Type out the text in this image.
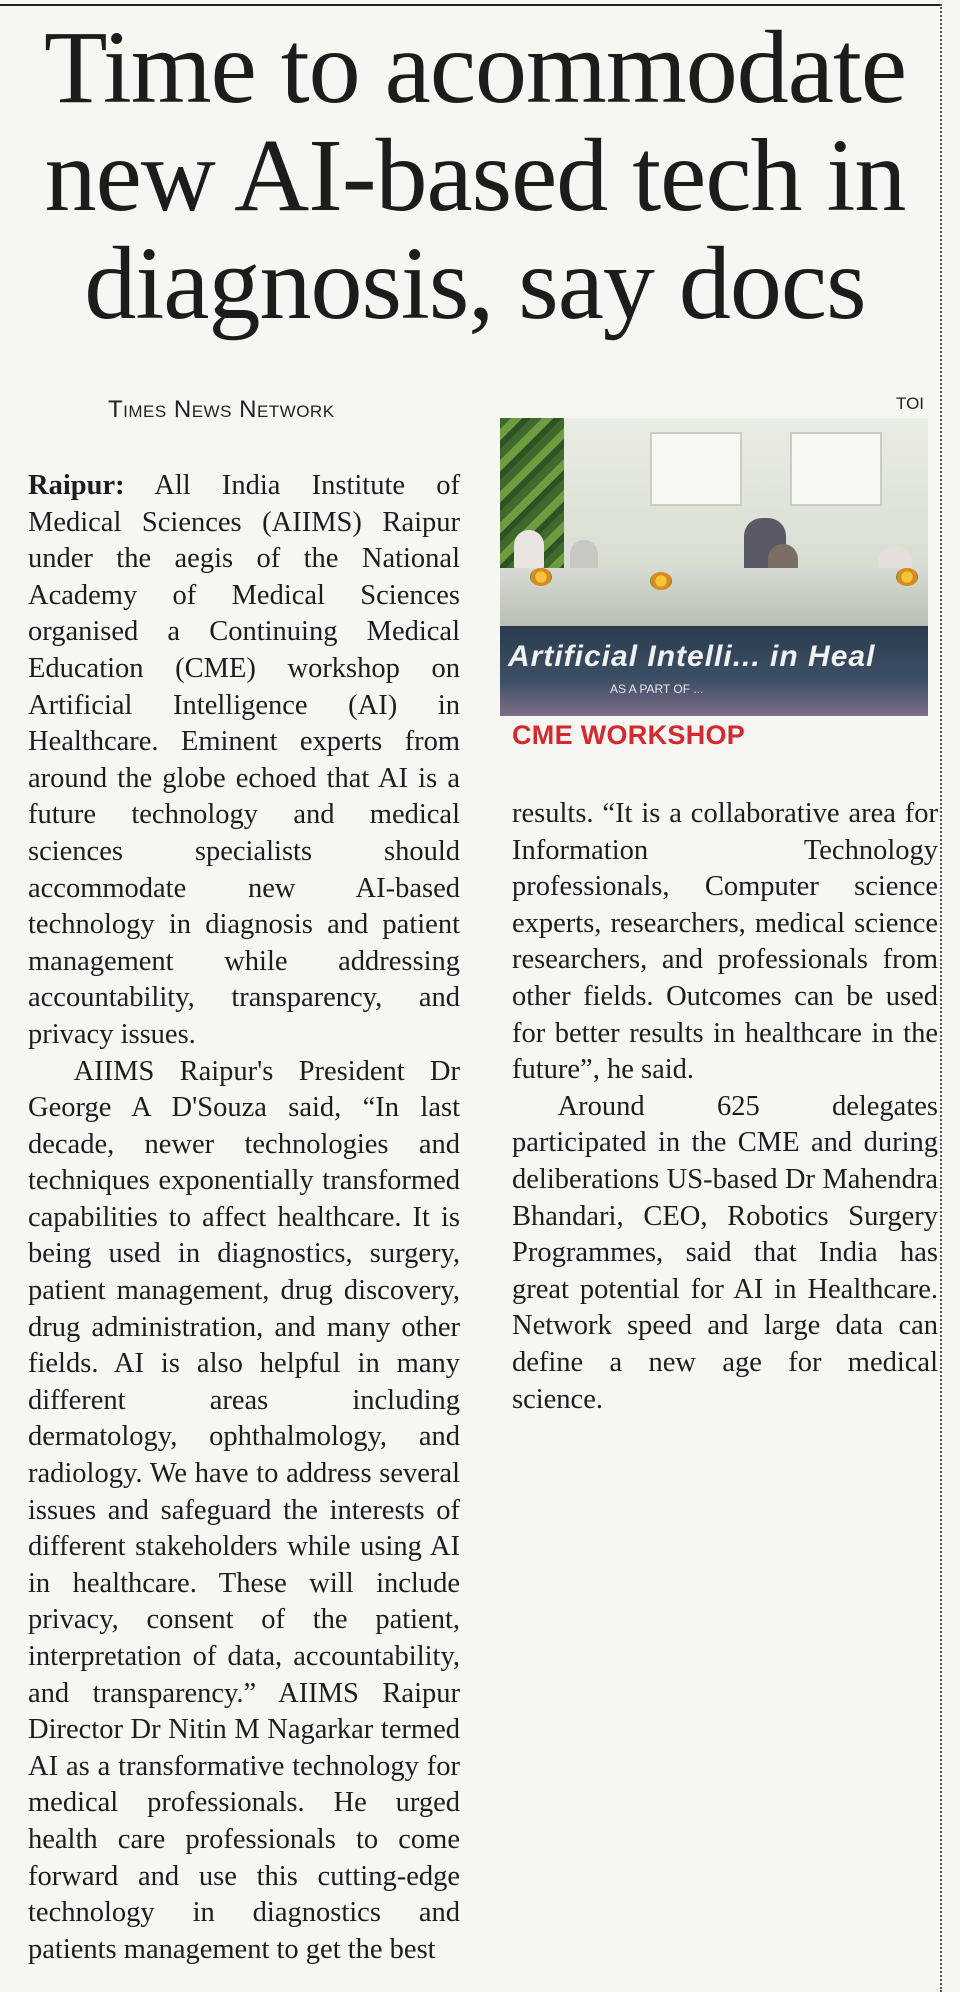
Time to acommodate new AI-based tech in diagnosis, say docs
Times News Network	TOI
Artificial Intelli... in Heal
AS A PART OF ...
CME WORKSHOP

Raipur: All India Institute of Medical Sciences (AIIMS) Raipur under the aegis of the National Academy of Medical Sciences organised a Continuing Medical Education (CME) workshop on Artificial Intelligence (AI) in Healthcare. Eminent experts from around the globe echoed that AI is a future technology and medical sciences specialists should accommodate new AI-based technology in diagnosis and patient management while addressing accountability, transparency, and privacy issues.

AIIMS Raipur's President Dr George A D'Souza said, “In last decade, newer technologies and techniques exponentially transformed capabilities to affect healthcare. It is being used in diagnostics, surgery, patient management, drug discovery, drug administration, and many other fields. AI is also helpful in many different areas including dermatology, ophthalmology, and radiology. We have to address several issues and safeguard the interests of different stakeholders while using AI in healthcare. These will include privacy, consent of the patient, interpretation of data, accountability, and transparency.” AIIMS Raipur Director Dr Nitin M Nagarkar termed AI as a transformative technology for medical professionals. He urged health care professionals to come forward and use this cutting-edge technology in diagnostics and patients management to get the best

results. “It is a collaborative area for Information Technology professionals, Computer science experts, researchers, medical science researchers, and professionals from other fields. Outcomes can be used for better results in healthcare in the future”, he said.

Around 625 delegates participated in the CME and during deliberations US-based Dr Mahendra Bhandari, CEO, Robotics Surgery Programmes, said that India has great potential for AI in Healthcare. Network speed and large data can define a new age for medical science.
